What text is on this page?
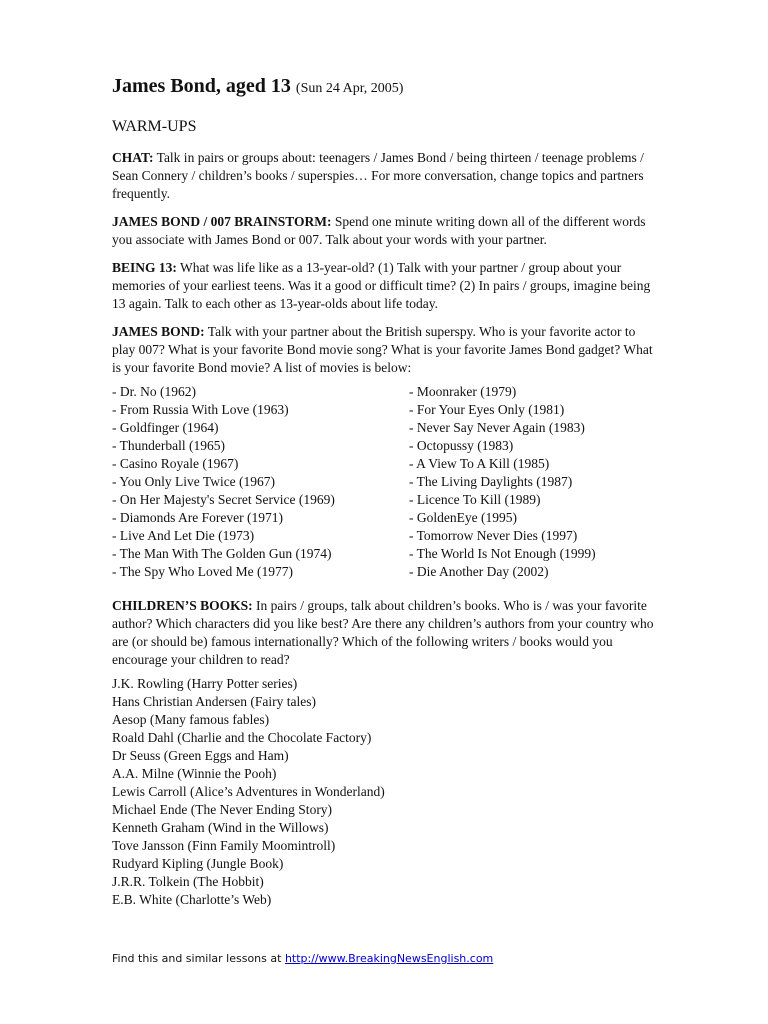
James Bond, aged 13 (Sun 24 Apr, 2005)
WARM-UPS

CHAT: Talk in pairs or groups about: teenagers / James Bond / being thirteen / teenage problems / Sean Connery / children’s books / superspies… For more conversation, change topics and partners frequently.

JAMES BOND / 007 BRAINSTORM: Spend one minute writing down all of the different words you associate with James Bond or 007. Talk about your words with your partner.

BEING 13: What was life like as a 13-year-old? (1) Talk with your partner / group about your memories of your earliest teens. Was it a good or difficult time? (2) In pairs / groups, imagine being 13 again. Talk to each other as 13-year-olds about life today.

JAMES BOND: Talk with your partner about the British superspy. Who is your favorite actor to play 007? What is your favorite Bond movie song? What is your favorite James Bond gadget? What is your favorite Bond movie? A list of movies is below:

- Dr. No (1962)
- From Russia With Love (1963)
- Goldfinger (1964)
- Thunderball (1965)
- Casino Royale (1967)
- You Only Live Twice (1967)
- On Her Majesty's Secret Service (1969)
- Diamonds Are Forever (1971)
- Live And Let Die (1973)
- The Man With The Golden Gun (1974)
- The Spy Who Loved Me (1977)
- Moonraker (1979)
- For Your Eyes Only (1981)
- Never Say Never Again (1983)
- Octopussy (1983)
- A View To A Kill (1985)
- The Living Daylights (1987)
- Licence To Kill (1989)
- GoldenEye (1995)
- Tomorrow Never Dies (1997)
- The World Is Not Enough (1999)
- Die Another Day (2002)

CHILDREN’S BOOKS: In pairs / groups, talk about children’s books. Who is / was your favorite author? Which characters did you like best? Are there any children’s authors from your country who are (or should be) famous internationally? Which of the following writers / books would you encourage your children to read?

J.K. Rowling (Harry Potter series)
Hans Christian Andersen (Fairy tales)
Aesop (Many famous fables)
Roald Dahl (Charlie and the Chocolate Factory)
Dr Seuss (Green Eggs and Ham)
A.A. Milne (Winnie the Pooh)
Lewis Carroll (Alice’s Adventures in Wonderland)
Michael Ende (The Never Ending Story)
Kenneth Graham (Wind in the Willows)
Tove Jansson (Finn Family Moomintroll)
Rudyard Kipling (Jungle Book)
J.R.R. Tolkein (The Hobbit)
E.B. White (Charlotte’s Web)
Find this and similar lessons at http://www.BreakingNewsEnglish.com
